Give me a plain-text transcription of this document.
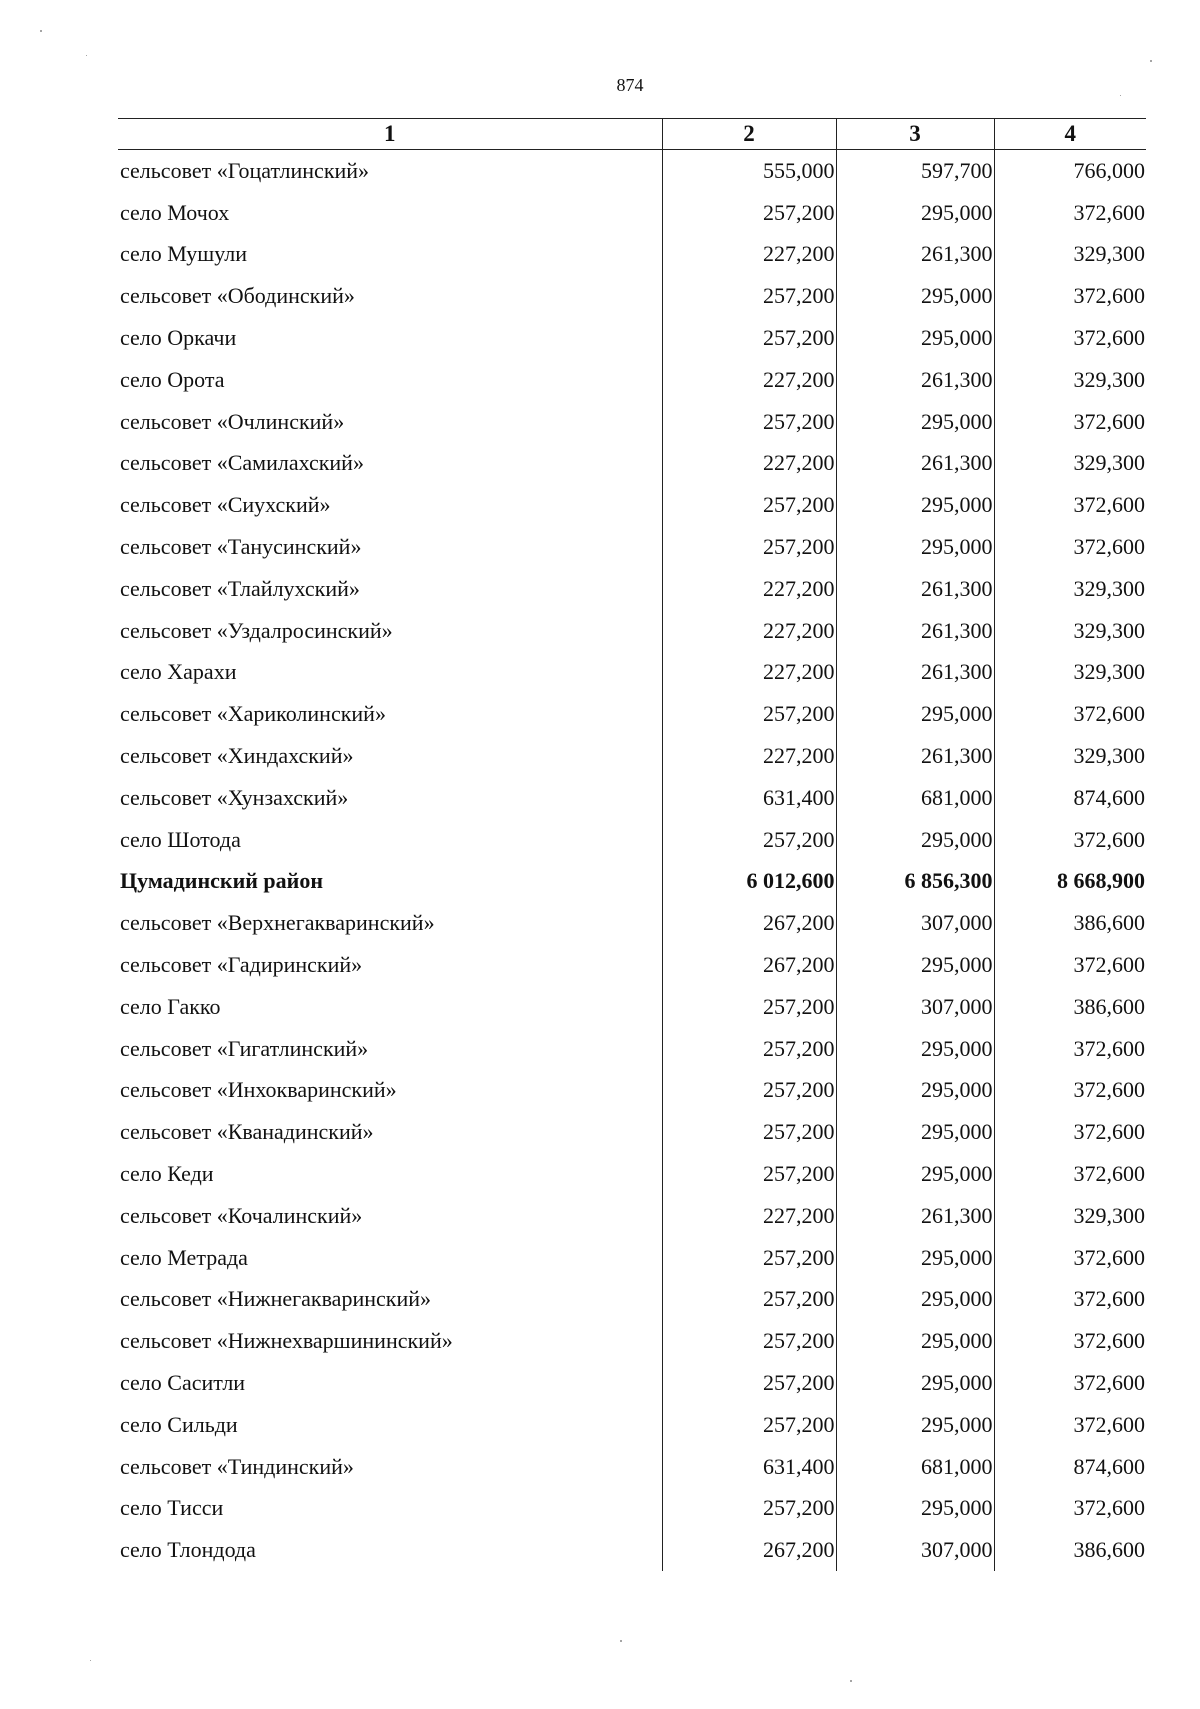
874
1	2	3	4
сельсовет «Гоцатлинский»	555,000	597,700	766,000
село Мочох	257,200	295,000	372,600
село Мушули	227,200	261,300	329,300
сельсовет «Ободинский»	257,200	295,000	372,600
село Оркачи	257,200	295,000	372,600
село Орота	227,200	261,300	329,300
сельсовет «Очлинский»	257,200	295,000	372,600
сельсовет «Самилахский»	227,200	261,300	329,300
сельсовет «Сиухский»	257,200	295,000	372,600
сельсовет «Танусинский»	257,200	295,000	372,600
сельсовет «Тлайлухский»	227,200	261,300	329,300
сельсовет «Уздалросинский»	227,200	261,300	329,300
село Харахи	227,200	261,300	329,300
сельсовет «Хариколинский»	257,200	295,000	372,600
сельсовет «Хиндахский»	227,200	261,300	329,300
сельсовет «Хунзахский»	631,400	681,000	874,600
село Шотода	257,200	295,000	372,600
Цумадинский район	6 012,600	6 856,300	8 668,900
сельсовет «Верхнегакваринский»	267,200	307,000	386,600
сельсовет «Гадиринский»	267,200	295,000	372,600
село Гакко	257,200	307,000	386,600
сельсовет «Гигатлинский»	257,200	295,000	372,600
сельсовет «Инхокваринский»	257,200	295,000	372,600
сельсовет «Кванадинский»	257,200	295,000	372,600
село Кеди	257,200	295,000	372,600
сельсовет «Кочалинский»	227,200	261,300	329,300
село Метрада	257,200	295,000	372,600
сельсовет «Нижнегакваринский»	257,200	295,000	372,600
сельсовет «Нижнехваршининский»	257,200	295,000	372,600
село Саситли	257,200	295,000	372,600
село Сильди	257,200	295,000	372,600
сельсовет «Тиндинский»	631,400	681,000	874,600
село Тисси	257,200	295,000	372,600
село Тлондода	267,200	307,000	386,600
